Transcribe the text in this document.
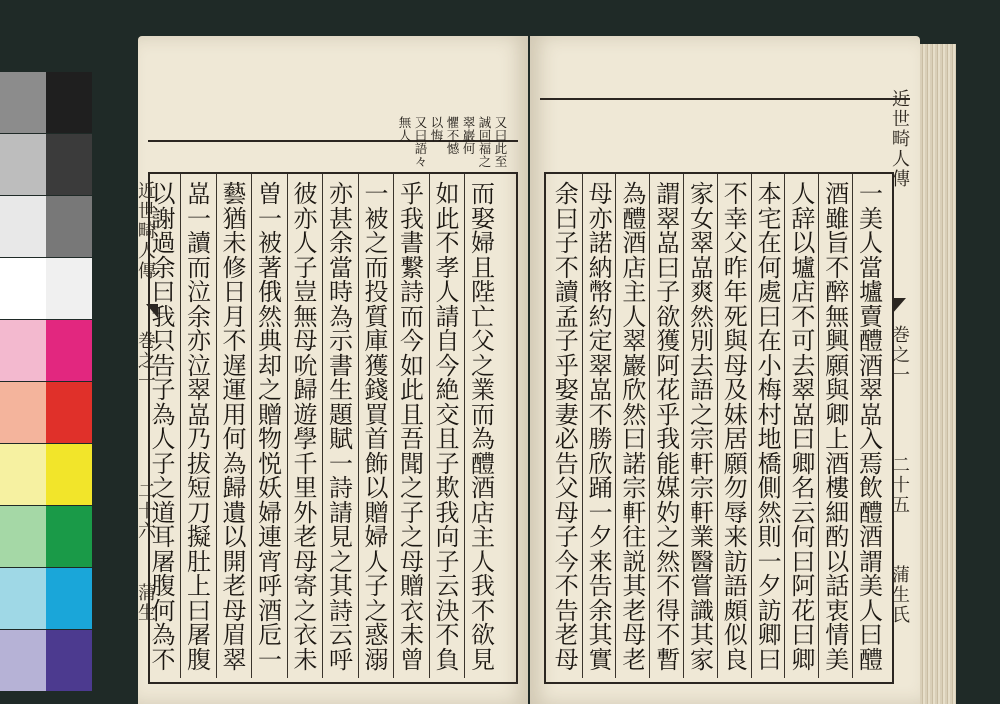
又
曰
此
至
誠
回
福
之
翠
巖
何
懼
不
憾
以
悔
又
曰
語
々
無
人
而
娶
婦
且
陛
亡
父
之
業
而
為
醴
酒
店
主
人
我
不
欲
見
如
此
不
孝
人
請
自
今
絶
交
且
子
欺
我
向
子
云
決
不
負
乎
我
書
繋
詩
而
今
如
此
且
吾
聞
之
子
之
母
贈
衣
未
曾
一
被
之
而
投
質
庫
獲
錢
買
首
飾
以
贈
婦
人
子
之
惑
溺
亦
甚
余
當
時
為
示
書
生
題
賦
一
詩
請
見
之
其
詩
云
呼
彼
亦
人
子
豈
無
母
吮
歸
遊
學
千
里
外
老
母
寄
之
衣
未
曽
一
被
著
俄
然
典
却
之
贈
物
悦
妖
婦
連
宵
呼
酒
卮
一
藝
猶
未
修
日
月
不
遅
運
用
何
為
歸
遺
以
開
老
母
眉
翠
嵓
一
讀
而
泣
余
亦
泣
翠
嵓
乃
拔
短
刀
擬
肚
上
曰
屠
腹
以
謝
過
余
曰
我
只
告
子
為
人
子
之
道
耳
屠
腹
何
為
不
近世畸人傳
巻之一
二十六
蒲生
一
美
人
當
壚
賣
醴
酒
翠
嵓
入
焉
飲
醴
酒
謂
美
人
曰
醴
酒
雖
旨
不
醉
無
興
願
與
卿
上
酒
樓
細
酌
以
話
衷
情
美
人
辞
以
壚
店
不
可
去
翠
嵓
曰
卿
名
云
何
曰
阿
花
曰
卿
本
宅
在
何
處
曰
在
小
梅
村
地
橋
側
然
則
一
夕
訪
卿
曰
不
幸
父
昨
年
死
與
母
及
妹
居
願
勿
辱
来
訪
語
頗
似
良
家
女
翠
嵓
爽
然
別
去
語
之
宗
軒
宗
軒
業
醫
嘗
識
其
家
謂
翠
嵓
曰
子
欲
獲
阿
花
乎
我
能
媒
妁
之
然
不
得
不
暫
為
醴
酒
店
主
人
翠
巖
欣
然
曰
諾
宗
軒
往
説
其
老
母
老
母
亦
諾
納
幣
約
定
翠
嵓
不
勝
欣
踊
一
夕
来
告
余
其
實
余
曰
子
不
讀
孟
子
乎
娶
妻
必
告
父
母
子
今
不
告
老
母
近世畸人傳
巻之一
二十五
蒲生氏
